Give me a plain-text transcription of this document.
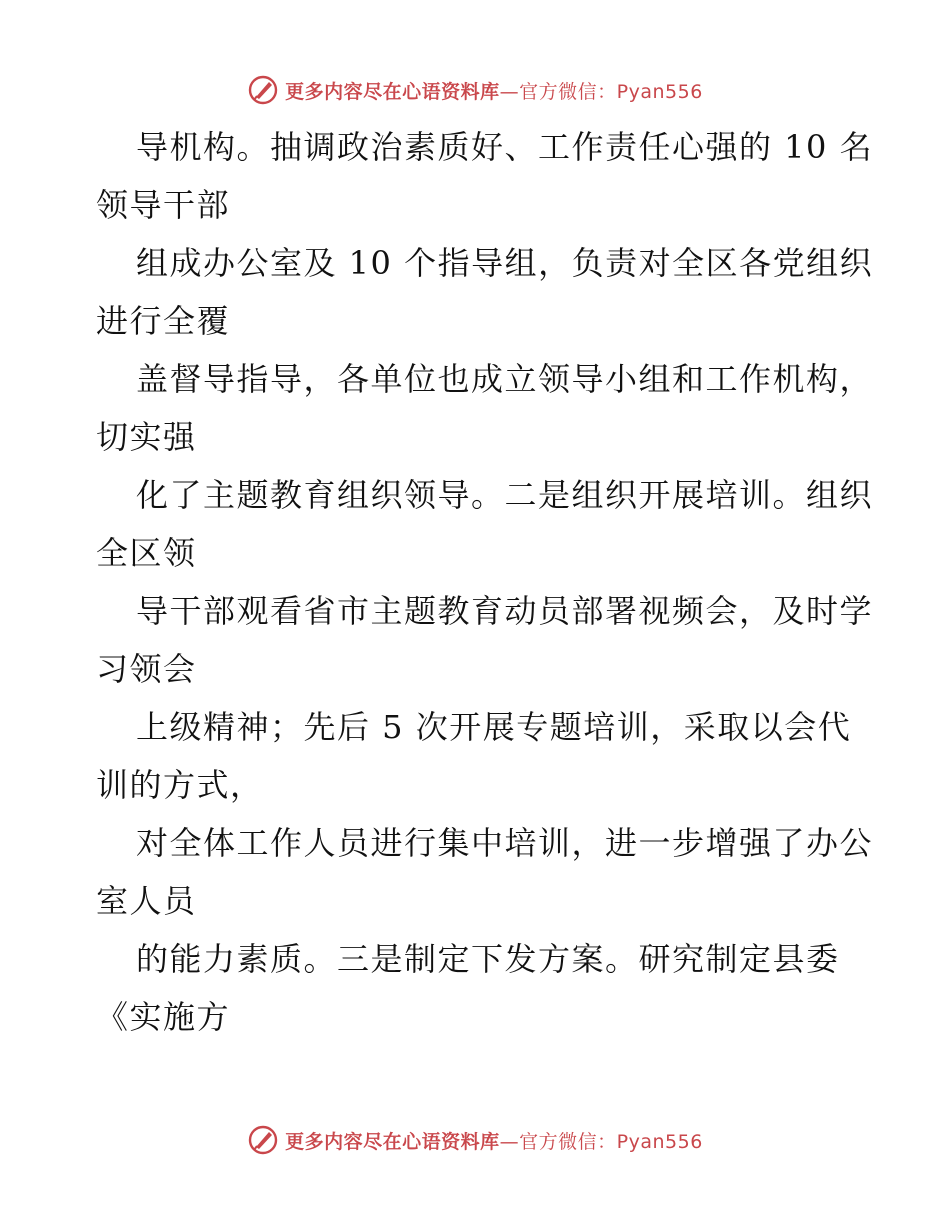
更多内容尽在心语资料库—官方微信：Pyan556

导机构。抽调政治素质好、工作责任心强的 10 名领导干部

组成办公室及 10 个指导组，负责对全区各党组织进行全覆

盖督导指导，各单位也成立领导小组和工作机构，切实强

化了主题教育组织领导。二是组织开展培训。组织全区领

导干部观看省市主题教育动员部署视频会，及时学习领会

上级精神；先后 5 次开展专题培训，采取以会代训的方式，

对全体工作人员进行集中培训，进一步增强了办公室人员

的能力素质。三是制定下发方案。研究制定县委《实施方

更多内容尽在心语资料库—官方微信：Pyan556
